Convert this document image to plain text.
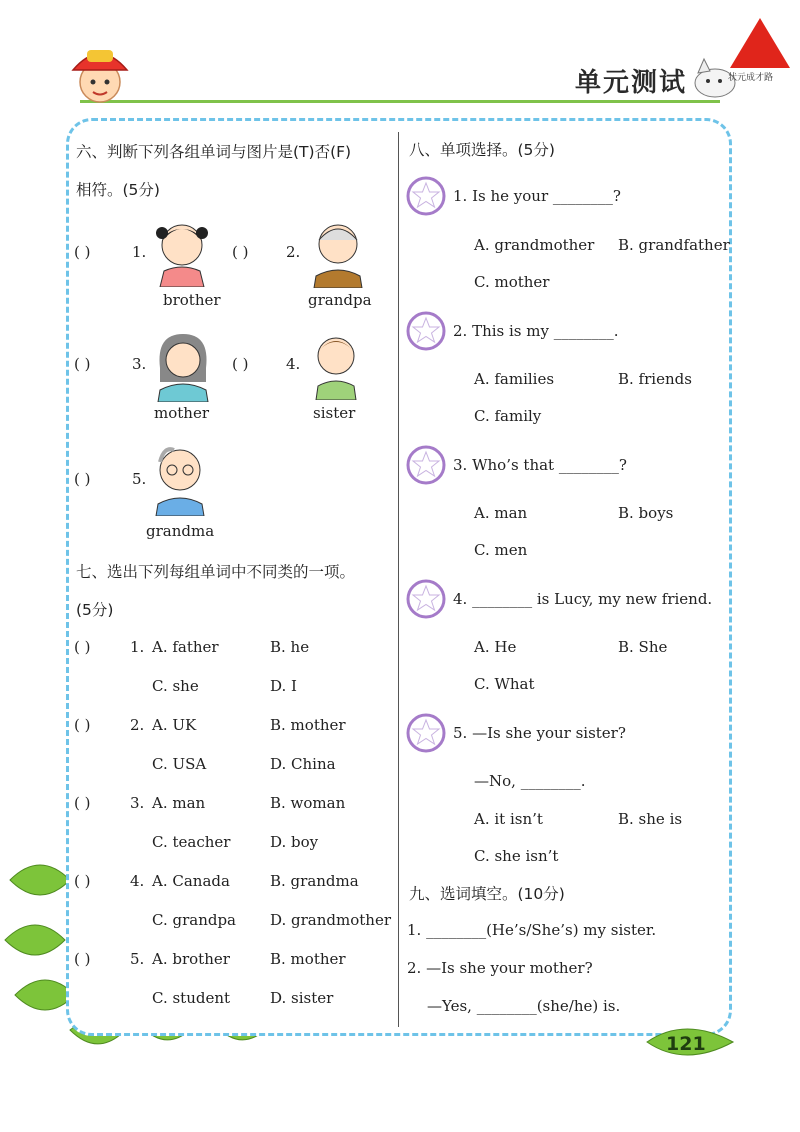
单元测试	状元成才路
六、判断下列各组单词与图片是(T)否(F)
相符。(5分)
( )	1.
brother
( )	2.
grandpa
( )	3.
mother
( )	4.
sister
( )	5.
grandma
七、选出下列每组单词中不同类的一项。
(5分)
( )	1. A. father	B. he
C. she	D. I
( )	2. A. UK	B. mother
C. USA	D. China
( )	3. A. man	B. woman
C. teacher	D. boy
( )	4. A. Canada	B. grandma
C. grandpa D. grandmother
( )	5. A. brother	B. mother
C. student	D. sister
八、单项选择。(5分)
1. Is he your ________?
A. grandmother B. grandfather
C. mother
2. This is my ________.
A. families	B. friends
C. family
3. Who’s that ________?
A. man	B. boys
C. men
4. ________ is Lucy, my new friend.
A. He	B. She
C. What
5. —Is she your sister?
—No, ________.
A. it isn’t	B. she is
C. she isn’t
九、选词填空。(10分)
1. ________(He’s/She’s) my sister.
2. —Is she your mother?
—Yes, ________(she/he) is.
121
